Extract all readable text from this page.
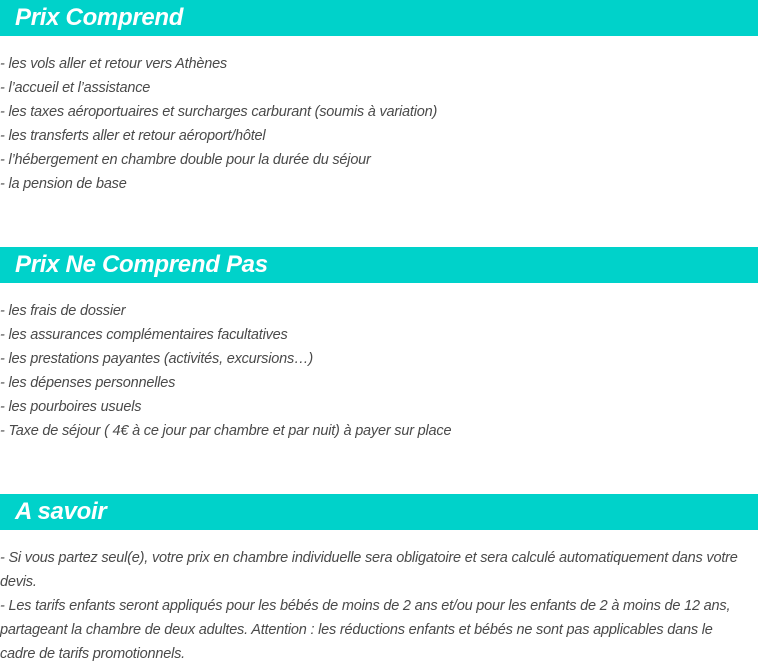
Prix Comprend
- les vols aller et retour vers Athènes
- l’accueil et l’assistance
- les taxes aéroportuaires et surcharges carburant (soumis à variation)
- les transferts aller et retour aéroport/hôtel
- l’hébergement en chambre double pour la durée du séjour
- la pension de base
Prix Ne Comprend Pas
- les frais de dossier
- les assurances complémentaires facultatives
- les prestations payantes (activités, excursions…)
- les dépenses personnelles
- les pourboires usuels
- Taxe de séjour ( 4€ à ce jour par chambre et par nuit) à payer sur place
A savoir
- Si vous partez seul(e), votre prix en chambre individuelle sera obligatoire et sera calculé automatiquement dans votre devis.
- Les tarifs enfants seront appliqués pour les bébés de moins de 2 ans et/ou pour les enfants de 2 à moins de 12 ans, partageant la chambre de deux adultes. Attention : les réductions enfants et bébés ne sont pas applicables dans le cadre de tarifs promotionnels.
